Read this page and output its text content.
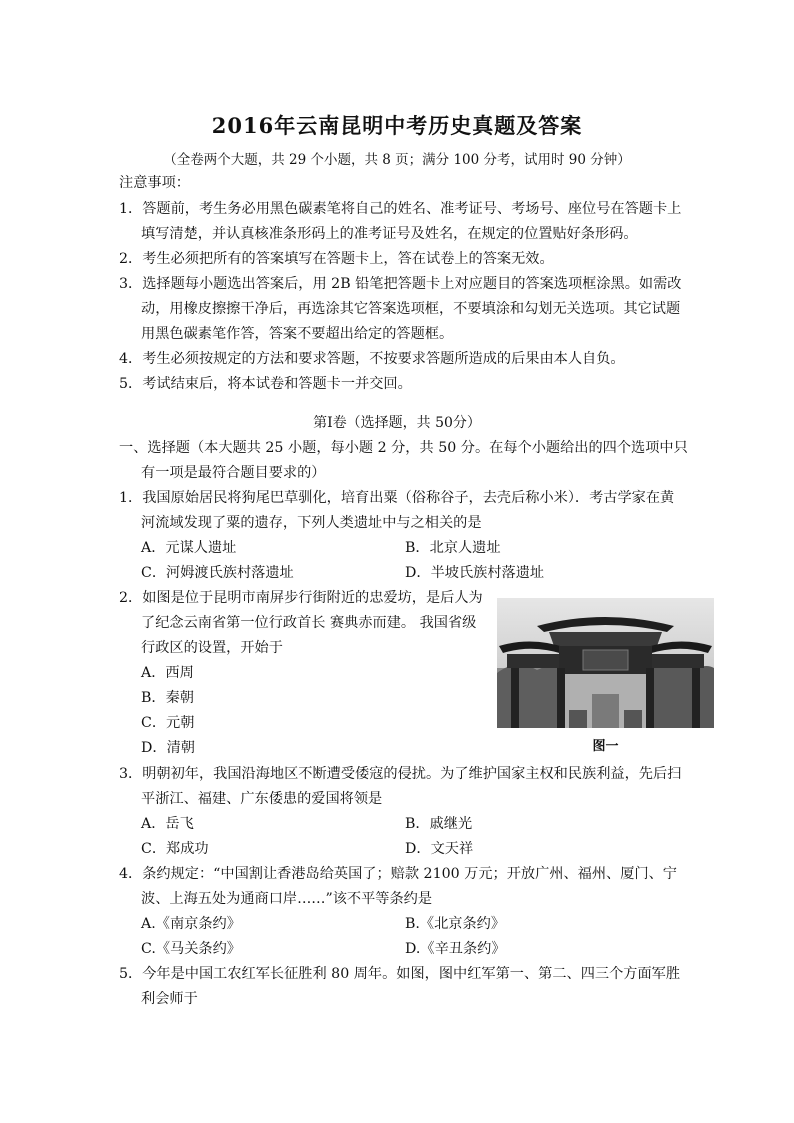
2016年云南昆明中考历史真题及答案
（全卷两个大题，共 29 个小题，共 8 页；满分 100 分考，试用时 90 分钟）
注意事项：
1．答题前，考生务必用黑色碳素笔将自己的姓名、准考证号、考场号、座位号在答题卡上
填写清楚，并认真核准条形码上的准考证号及姓名，在规定的位置贴好条形码。
2．考生必须把所有的答案填写在答题卡上，答在试卷上的答案无效。
3．选择题每小题选出答案后，用 2B 铅笔把答题卡上对应题目的答案选项框涂黑。如需改
动，用橡皮擦擦干净后，再选涂其它答案选项框，不要填涂和勾划无关选项。其它试题
用黑色碳素笔作答，答案不要超出给定的答题框。
4．考生必须按规定的方法和要求答题，不按要求答题所造成的后果由本人自负。
5．考试结束后，将本试卷和答题卡一并交回。
第Ⅰ卷（选择题，共 50分）
一、选择题（本大题共 25 小题，每小题 2 分，共 50 分。在每个小题给出的四个选项中只
有一项是最符合题目要求的）
1．我国原始居民将狗尾巴草驯化，培育出粟（俗称谷子，去壳后称小米）．考古学家在黄
河流域发现了粟的遗存，下列人类遗址中与之相关的是
A．元谋人遗址	B．北京人遗址
C．河姆渡氏族村落遗址	D．半坡氏族村落遗址
2．如图是位于昆明市南屏步行街附近的忠爱坊，是后人为
了纪念云南省第一位行政首长 赛典赤而建。 我国省级
行政区的设置，开始于
A．西周
B．秦朝
C．元朝
D．清朝	图一
3．明朝初年，我国沿海地区不断遭受倭寇的侵扰。为了维护国家主权和民族利益，先后扫
平浙江、福建、广东倭患的爱国将领是
A．岳飞	B．戚继光
C．郑成功	D．文天祥
4．条约规定：“中国割让香港岛给英国了；赔款 2100 万元；开放广州、福州、厦门、宁
波、上海五处为通商口岸……”该不平等条约是
A.《南京条约》	B.《北京条约》
C.《马关条约》	D.《辛丑条约》
5．今年是中国工农红军长征胜利 80 周年。如图，图中红军第一、第二、四三个方面军胜
利会师于
